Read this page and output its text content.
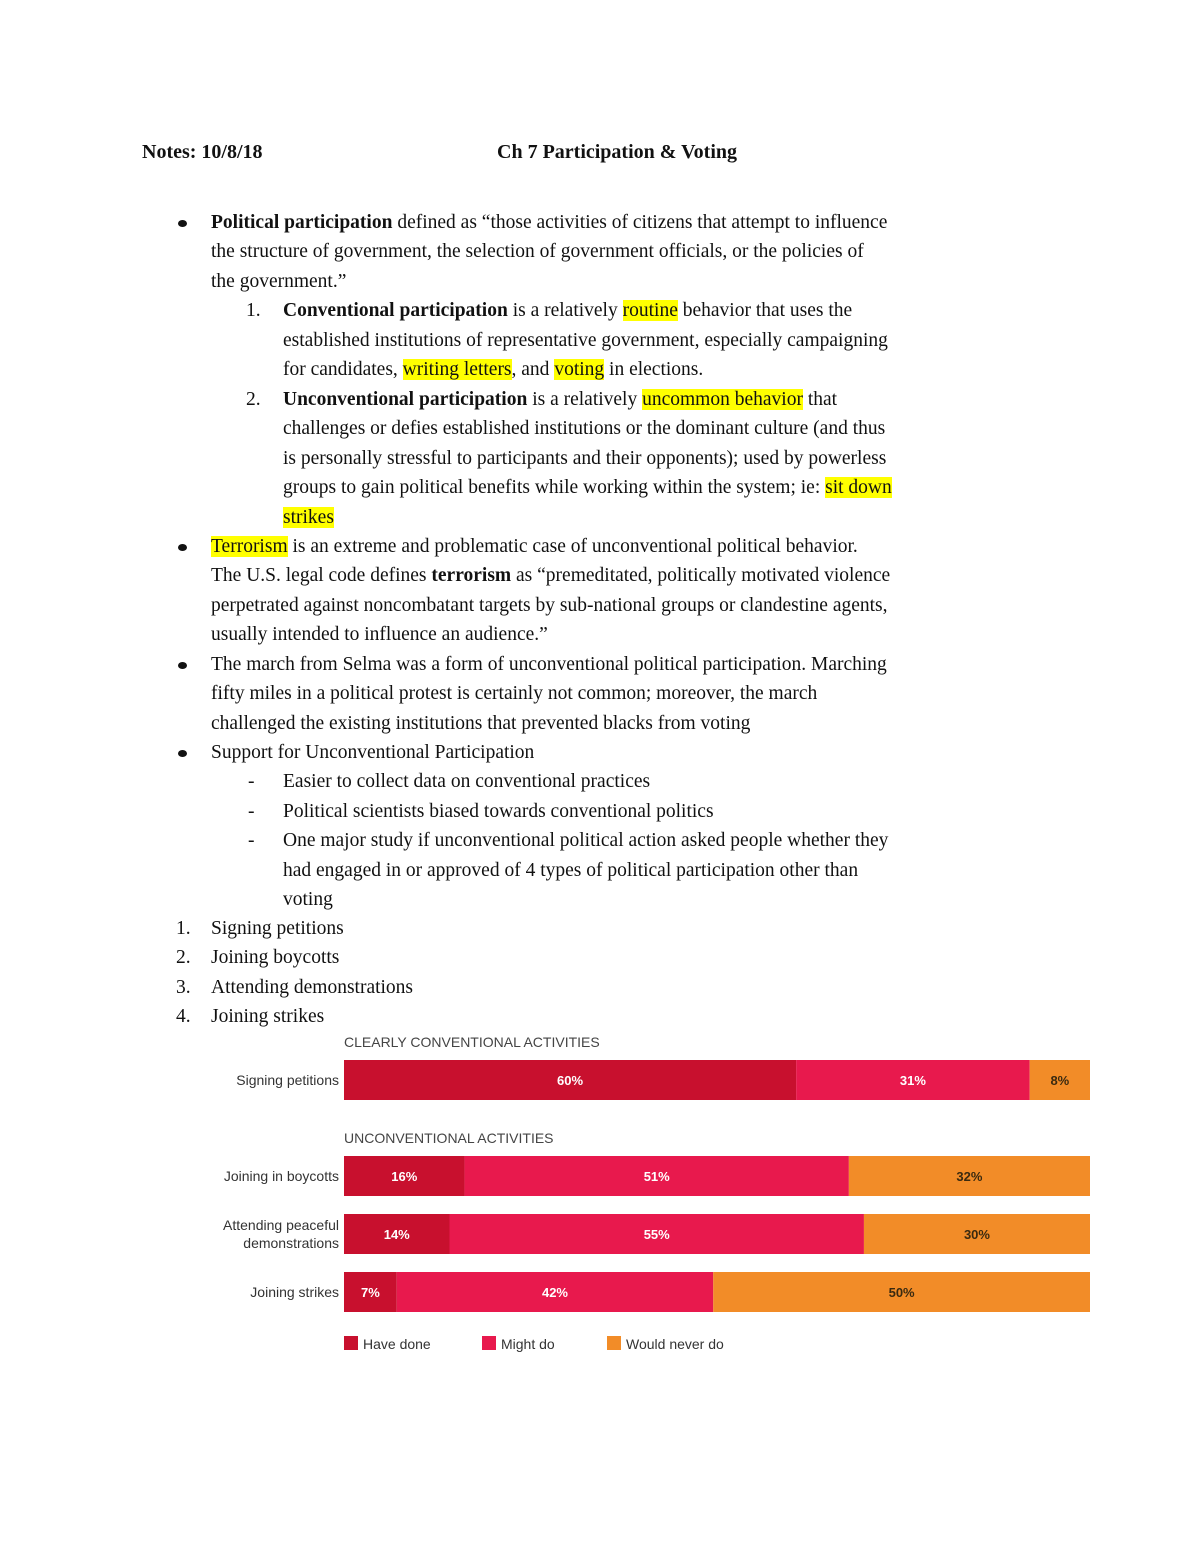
Notes: 10/8/18	Ch 7 Participation & Voting
Political participation defined as “those activities of citizens that attempt to influence
the structure of government, the selection of government officials, or the policies of
the government.”
1. Conventional participation is a relatively routine behavior that uses the
established institutions of representative government, especially campaigning
for candidates, writing letters, and voting in elections.
2. Unconventional participation is a relatively uncommon behavior that
challenges or defies established institutions or the dominant culture (and thus
is personally stressful to participants and their opponents); used by powerless
groups to gain political benefits while working within the system; ie: sit down
strikes
Terrorism is an extreme and problematic case of unconventional political behavior.
The U.S. legal code defines terrorism as “premeditated, politically motivated violence
perpetrated against noncombatant targets by sub-national groups or clandestine agents,
usually intended to influence an audience.”
The march from Selma was a form of unconventional political participation. Marching
fifty miles in a political protest is certainly not common; moreover, the march
challenged the existing institutions that prevented blacks from voting
Support for Unconventional Participation
- Easier to collect data on conventional practices
- Political scientists biased towards conventional politics
- One major study if unconventional political action asked people whether they
had engaged in or approved of 4 types of political participation other than
voting
1. Signing petitions
2. Joining boycotts
3. Attending demonstrations
4. Joining strikes
CLEARLY CONVENTIONAL ACTIVITIES
UNCONVENTIONAL ACTIVITIES
Signing petitions	60%	31%	8%
Joining in boycotts	16%	51%	32%
Attending peaceful
demonstrations
14%	55%	30%
Joining strikes 7%	42%	50%
Have done	Might do	Would never do
